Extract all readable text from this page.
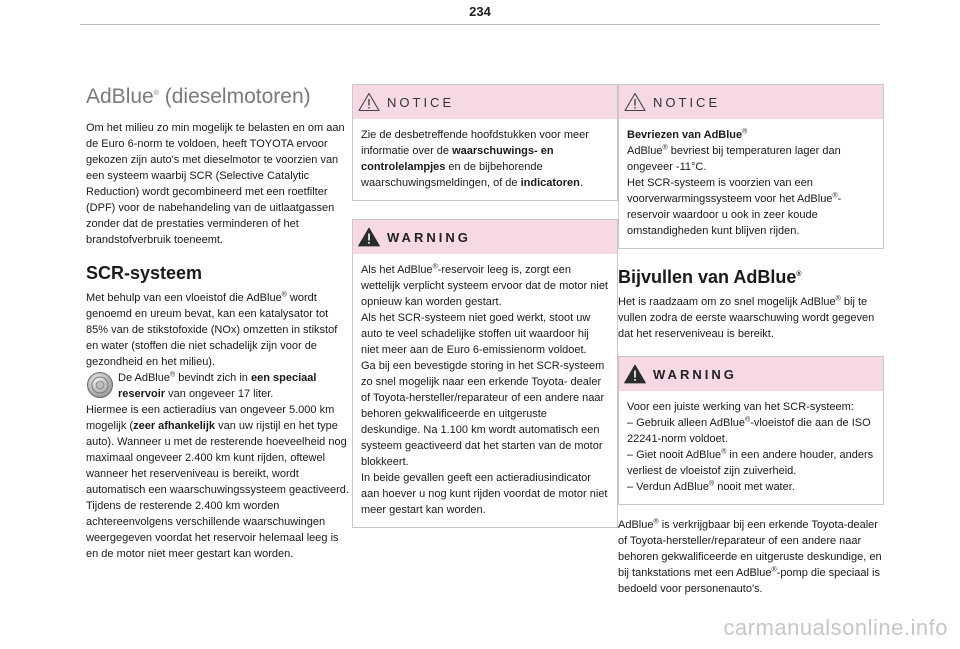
234
AdBlue® (dieselmotoren)

Om het milieu zo min mogelijk te belasten en om aan de Euro 6-norm te voldoen, heeft TOYOTA ervoor gekozen zijn auto's met dieselmotor te voorzien van een systeem waarbij SCR (Selective Catalytic Reduction) wordt gecombineerd met een roetfilter (DPF) voor de nabehandeling van de uitlaatgassen zonder dat de prestaties verminderen of het brandstofverbruik toeneemt.

SCR-systeem

Met behulp van een vloeistof die AdBlue® wordt genoemd en ureum bevat, kan een katalysator tot 85% van de stikstofoxide (NOx) omzetten in stikstof en water (stoffen die niet schadelijk zijn voor de gezondheid en het milieu).

De AdBlue® bevindt zich in een speciaal reservoir van ongeveer 17 liter.

Hiermee is een actieradius van ongeveer 5.000 km mogelijk (zeer afhankelijk van uw rijstijl en het type auto). Wanneer u met de resterende hoeveelheid nog maximaal ongeveer 2.400 km kunt rijden, oftewel wanneer het reserveniveau is bereikt, wordt automatisch een waarschuwingssysteem geactiveerd.

Tijdens de resterende 2.400 km worden achtereenvolgens verschillende waarschuwingen weergegeven voordat het reservoir helemaal leeg is en de motor niet meer gestart kan worden.

NOTICE

Zie de desbetreffende hoofdstukken voor meer informatie over de waarschuwings- en controlelampjes en de bijbehorende waarschuwingsmeldingen, of de indicatoren.

WARNING

Als het AdBlue®-reservoir leeg is, zorgt een wettelijk verplicht systeem ervoor dat de motor niet opnieuw kan worden gestart.

Als het SCR-systeem niet goed werkt, stoot uw auto te veel schadelijke stoffen uit waardoor hij niet meer aan de Euro 6-emissienorm voldoet.

Ga bij een bevestigde storing in het SCR-systeem zo snel mogelijk naar een erkende Toyota- dealer of Toyota-hersteller/reparateur of een andere naar behoren gekwalificeerde en uitgeruste deskundige. Na 1.100 km wordt automatisch een systeem geactiveerd dat het starten van de motor blokkeert.

In beide gevallen geeft een actieradiusindicator aan hoever u nog kunt rijden voordat de motor niet meer gestart kan worden.

NOTICE

Bevriezen van AdBlue®

AdBlue® bevriest bij temperaturen lager dan ongeveer -11°C.

Het SCR-systeem is voorzien van een voorverwarmingssysteem voor het AdBlue®-reservoir waardoor u ook in zeer koude omstandigheden kunt blijven rijden.

Bijvullen van AdBlue®

Het is raadzaam om zo snel mogelijk AdBlue® bij te vullen zodra de eerste waarschuwing wordt gegeven dat het reserveniveau is bereikt.

WARNING

Voor een juiste werking van het SCR-systeem:

– Gebruik alleen AdBlue®-vloeistof die aan de ISO 22241-norm voldoet.

– Giet nooit AdBlue® in een andere houder, anders verliest de vloeistof zijn zuiverheid.

– Verdun AdBlue® nooit met water.

AdBlue® is verkrijgbaar bij een erkende Toyota-dealer of Toyota-hersteller/reparateur of een andere naar behoren gekwalificeerde en uitgeruste deskundige, en bij tankstations met een AdBlue®-pomp die speciaal is bedoeld voor personenauto's.

carmanualsonline.info
